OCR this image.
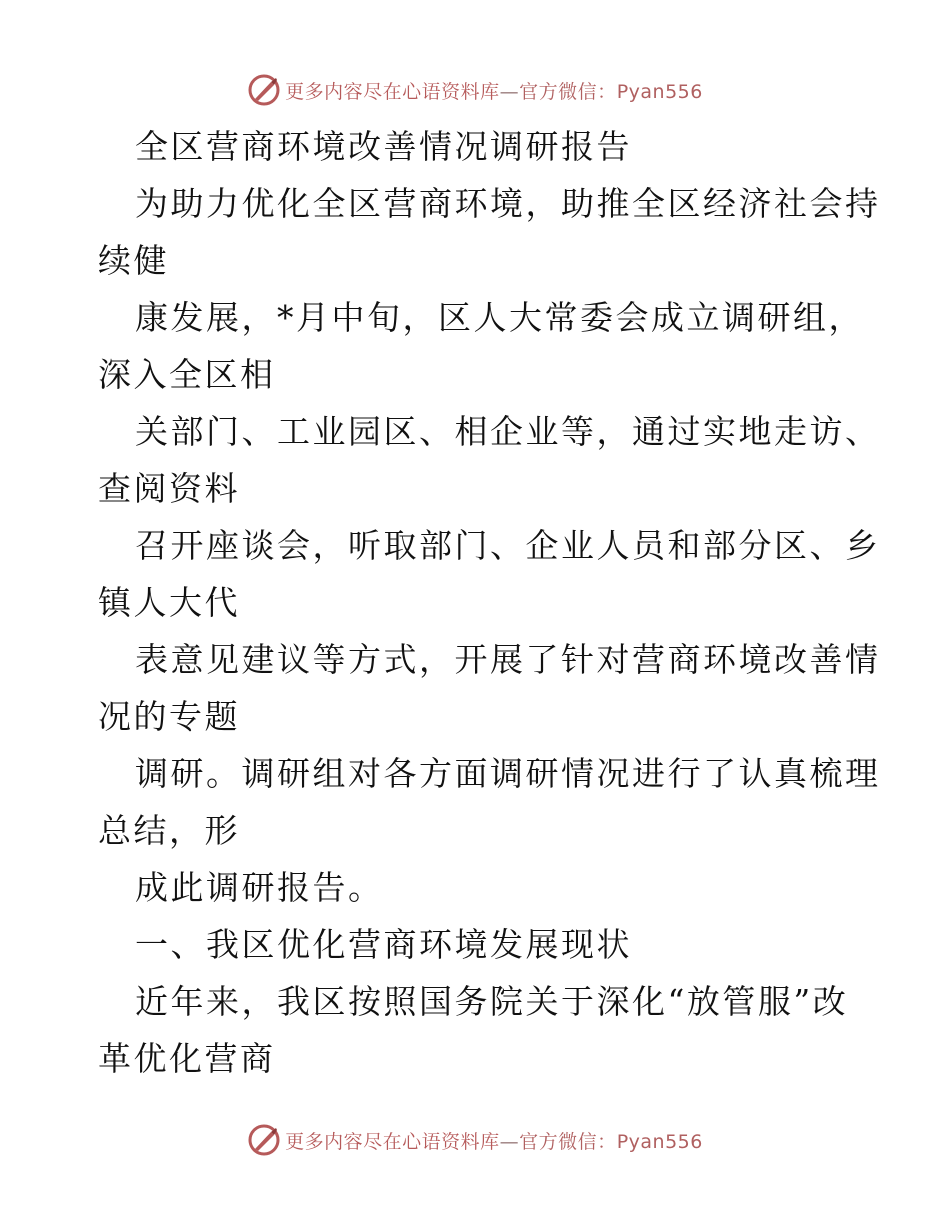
更多内容尽在心语资料库—官方微信：Pyan556
全区营商环境改善情况调研报告
为助力优化全区营商环境，助推全区经济社会持
续健
康发展，*月中旬，区人大常委会成立调研组，
深入全区相
关部门、工业园区、相企业等，通过实地走访、
查阅资料
召开座谈会，听取部门、企业人员和部分区、乡
镇人大代
表意见建议等方式，开展了针对营商环境改善情
况的专题
调研。调研组对各方面调研情况进行了认真梳理
总结，形
成此调研报告。
一、我区优化营商环境发展现状
近年来，我区按照国务院关于深化“放管服”改
革优化营商
更多内容尽在心语资料库—官方微信：Pyan556
